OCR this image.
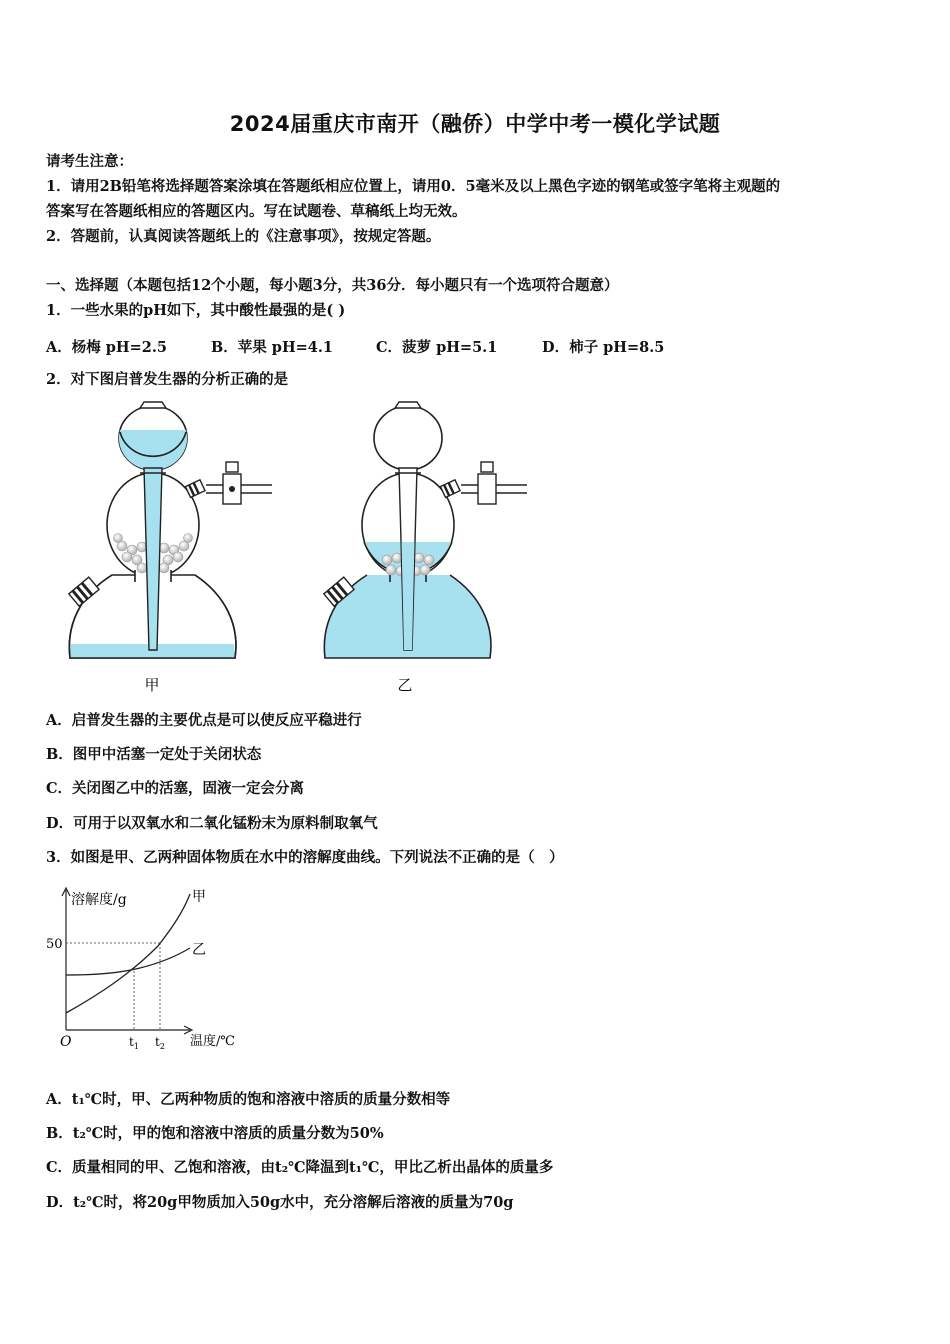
2024届重庆市南开（融侨）中学中考一模化学试题
请考生注意：
1．请用2B铅笔将选择题答案涂填在答题纸相应位置上，请用0．5毫米及以上黑色字迹的钢笔或签字笔将主观题的
答案写在答题纸相应的答题区内。写在试题卷、草稿纸上均无效。
2．答题前，认真阅读答题纸上的《注意事项》，按规定答题。
一、选择题（本题包括12个小题，每小题3分，共36分．每小题只有一个选项符合题意）
1．一些水果的pH如下，其中酸性最强的是( )
A．杨梅 pH=2.5	B．苹果 pH=4.1	C．菠萝 pH=5.1	D．柿子 pH=8.5
2．对下图启普发生器的分析正确的是
甲	乙
A．启普发生器的主要优点是可以使反应平稳进行
B．图甲中活塞一定处于关闭状态
C．关闭图乙中的活塞，固液一定会分离
D．可用于以双氧水和二氧化锰粉末为原料制取氧气
3．如图是甲、乙两种固体物质在水中的溶解度曲线。下列说法不正确的是（　）
溶解度/g	甲
乙
50
O	$t_1$ $t_2$ 温度/℃
A．t₁℃时，甲、乙两种物质的饱和溶液中溶质的质量分数相等
B．t₂℃时，甲的饱和溶液中溶质的质量分数为50%
C．质量相同的甲、乙饱和溶液，由t₂℃降温到t₁℃，甲比乙析出晶体的质量多
D．t₂℃时，将20g甲物质加入50g水中，充分溶解后溶液的质量为70g
